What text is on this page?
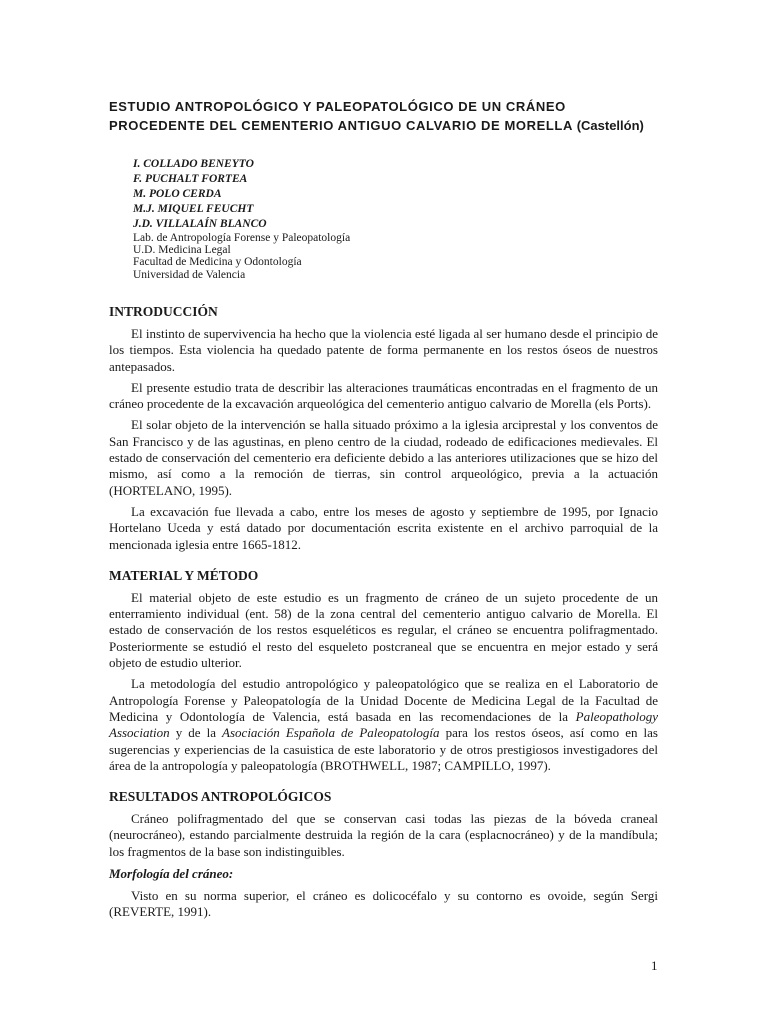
ESTUDIO ANTROPOLÓGICO Y PALEOPATOLÓGICO DE UN CRÁNEO
PROCEDENTE DEL CEMENTERIO ANTIGUO CALVARIO DE MORELLA (Castellón)
I. COLLADO BENEYTO
F. PUCHALT FORTEA
M. POLO CERDA
M.J. MIQUEL FEUCHT
J.D. VILLALAÍN BLANCO
Lab. de Antropología Forense y Paleopatología
U.D. Medicina Legal
Facultad de Medicina y Odontología
Universidad de Valencia
INTRODUCCIÓN

El instinto de supervivencia ha hecho que la violencia esté ligada al ser humano desde el principio de los tiempos. Esta violencia ha quedado patente de forma permanente en los restos óseos de nuestros antepasados.

El presente estudio trata de describir las alteraciones traumáticas encontradas en el fragmento de un cráneo procedente de la excavación arqueológica del cementerio antiguo calvario de Morella (els Ports).

El solar objeto de la intervención se halla situado próximo a la iglesia arciprestal y los conventos de San Francisco y de las agustinas, en pleno centro de la ciudad, rodeado de edificaciones medievales. El estado de conservación del cementerio era deficiente debido a las anteriores utilizaciones que se hizo del mismo, así como a la remoción de tierras, sin control arqueológico, previa a la actuación (HORTELANO, 1995).

La excavación fue llevada a cabo, entre los meses de agosto y septiembre de 1995, por Ignacio Hortelano Uceda y está datado por documentación escrita existente en el archivo parroquial de la mencionada iglesia entre 1665-1812.

MATERIAL Y MÉTODO

El material objeto de este estudio es un fragmento de cráneo de un sujeto procedente de un enterramiento individual (ent. 58) de la zona central del cementerio antiguo calvario de Morella. El estado de conservación de los restos esqueléticos es regular, el cráneo se encuentra polifragmentado. Posteriormente se estudió el resto del esqueleto postcraneal que se encuentra en mejor estado y será objeto de estudio ulterior.

La metodología del estudio antropológico y paleopatológico que se realiza en el Laboratorio de Antropología Forense y Paleopatología de la Unidad Docente de Medicina Legal de la Facultad de Medicina y Odontología de Valencia, está basada en las recomendaciones de la Paleopathology Association y de la Asociación Española de Paleopatología para los restos óseos, así como en las sugerencias y experiencias de la casuistica de este laboratorio y de otros prestigiosos investigadores del área de la antropología y paleopatología (BROTHWELL, 1987; CAMPILLO, 1997).

RESULTADOS ANTROPOLÓGICOS

Cráneo polifragmentado del que se conservan casi todas las piezas de la bóveda craneal (neurocráneo), estando parcialmente destruida la región de la cara (esplacnocráneo) y de la mandíbula; los fragmentos de la base son indistinguibles.

Morfología del cráneo:

Visto en su norma superior, el cráneo es dolicocéfalo y su contorno es ovoide, según Sergi (REVERTE, 1991).

1
